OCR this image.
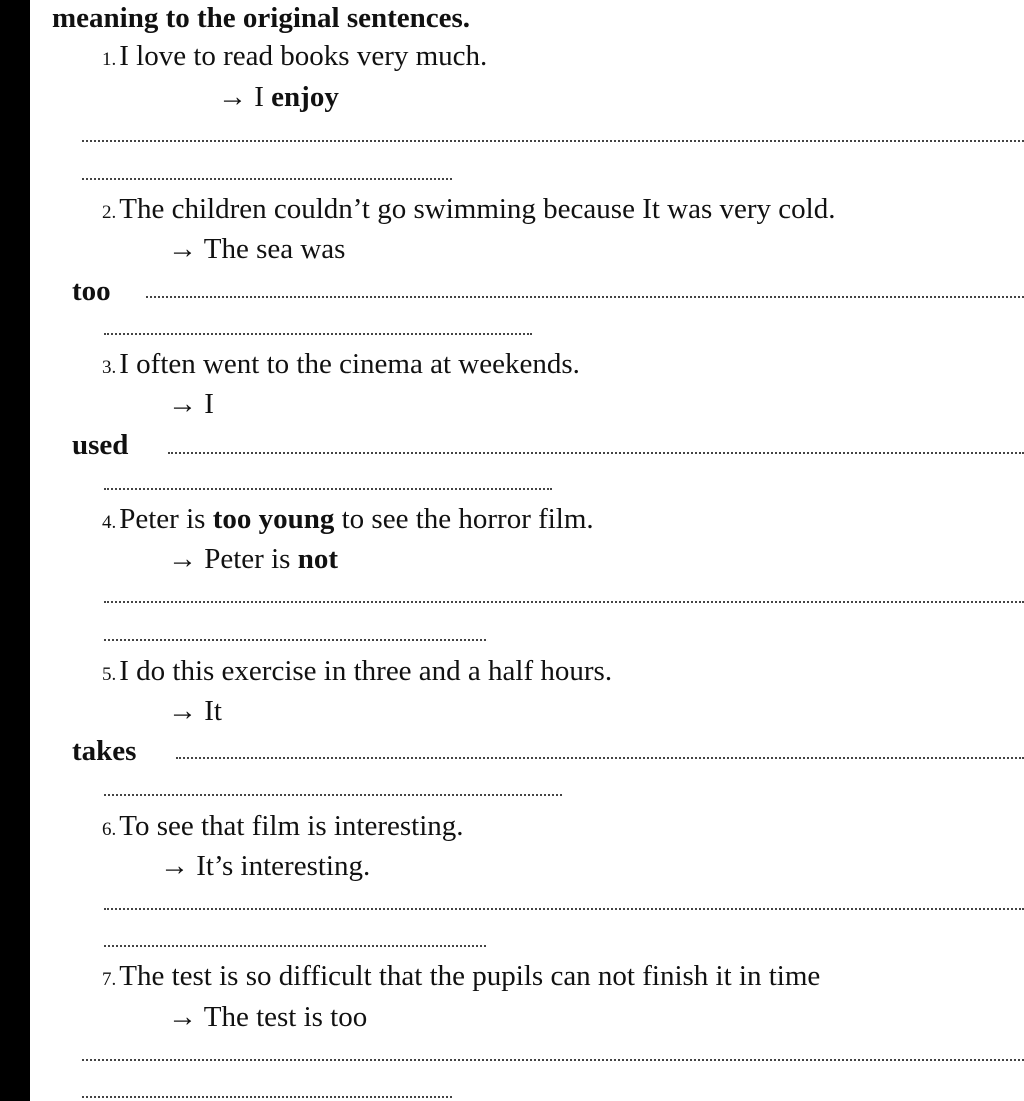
meaning to the original sentences.
1. I love to read books very much.
→ I enjoy
2. The children couldn’t go swimming because It was very cold.
→ The sea was
too
3. I often went to the cinema at weekends.
→ I
used
4. Peter is too young to see the horror film.
→ Peter is not
5. I do this exercise in three and a half hours.
→ It
takes
6. To see that film is interesting.
→ It’s interesting.
7. The test is so difficult that the pupils can not finish it in time
→ The test is too
